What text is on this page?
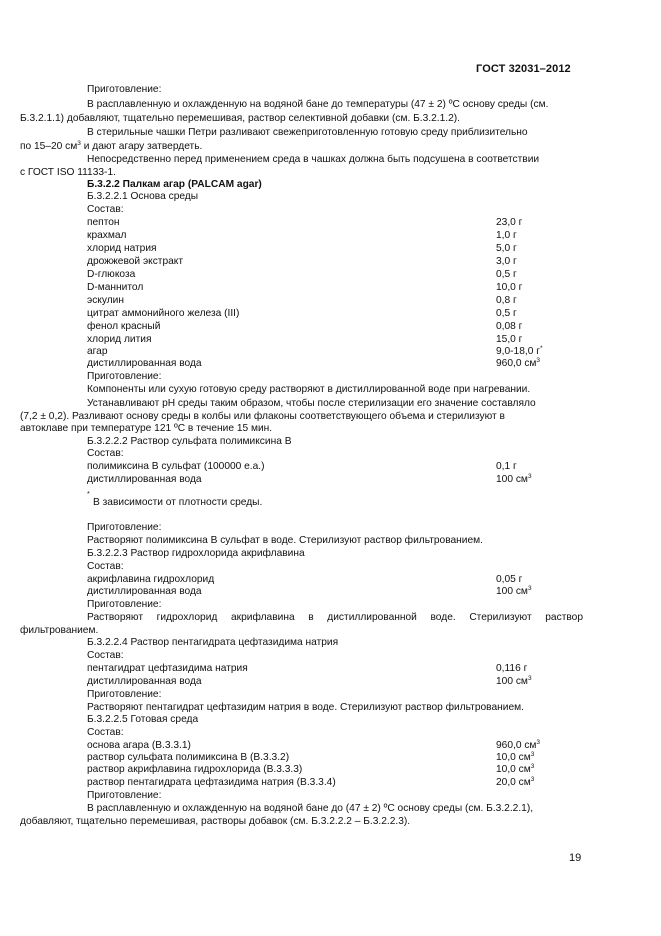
ГОСТ 32031–2012
Приготовление:
В расплавленную и охлажденную на водяной бане до температуры (47 ± 2) ºC основу среды (см.
Б.3.2.1.1) добавляют, тщательно перемешивая, раствор селективной добавки (см. Б.3.2.1.2).
В стерильные чашки Петри разливают свежеприготовленную готовую среду приблизительно
по 15–20 $см^3$ и дают агару затвердеть.
Непосредственно перед применением среда в чашках должна быть подсушена в соответствии
с ГОСТ ISO 11133-1.
Б.3.2.2 Палкам агар (PALCAM agar)
Б.3.2.2.1 Основа среды
Состав:
пептон	23,0 г
крахмал	1,0 г
хлорид натрия	5,0 г
дрожжевой экстракт	3,0 г
D-глюкоза	0,5 г
D-маннитол	10,0 г
эскулин	0,8 г
цитрат аммонийного железа (III)	0,5 г
фенол красный	0,08 г
хлорид лития	15,0 г
агар	9,0-18,0 г*
дистиллированная вода	960,0 $см^3$
Приготовление:
Компоненты или сухую готовую среду растворяют в дистиллированной воде при нагревании.
Устанавливают рН среды таким образом, чтобы после стерилизации его значение составляло
(7,2 ± 0,2). Разливают основу среды в колбы или флаконы соответствующего объема и стерилизуют в
автоклаве при температуре 121 ºC в течение 15 мин.
Б.3.2.2.2 Раствор сульфата полимиксина В
Состав:
полимиксина В сульфат (100000 е.а.)	0,1 г
дистиллированная вода	100 $см^3$
*
В зависимости от плотности среды.
Приготовление:
Растворяют полимиксина В сульфат в воде. Стерилизуют раствор фильтрованием.
Б.3.2.2.3 Раствор гидрохлорида акрифлавина
Состав:
акрифлавина гидрохлорид	0,05 г
дистиллированная вода	100 $см^3$
Приготовление:
Растворяют гидрохлорид акрифлавина в дистиллированной воде. Стерилизуют раствор
фильтрованием.
Б.3.2.2.4 Раствор пентагидрата цефтазидима натрия
Состав:
пентагидрат цефтазидима натрия	0,116 г
дистиллированная вода	100 $см^3$
Приготовление:
Растворяют пентагидрат цефтазидим натрия в воде. Стерилизуют раствор фильтрованием.
Б.3.2.2.5 Готовая среда
Состав:
основа агара (В.3.3.1)	960,0 $см^3$
раствор сульфата полимиксина В (В.3.3.2)	10,0 $см^3$
раствор акрифлавина гидрохлорида (В.3.3.3)	10,0 $см^3$
раствор пентагидрата цефтазидима натрия (В.3.3.4)	20,0 $см^3$
Приготовление:
В расплавленную и охлажденную на водяной бане до (47 ± 2) ºC основу среды (см. Б.3.2.2.1),
добавляют, тщательно перемешивая, растворы добавок (см. Б.3.2.2.2 – Б.3.2.2.3).
19
